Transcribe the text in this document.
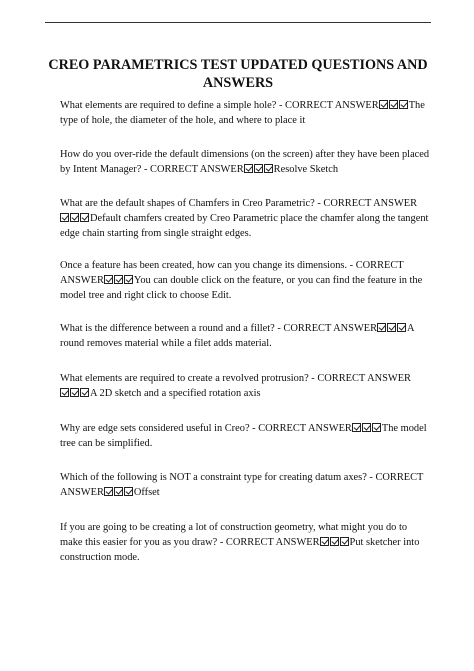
CREO PARAMETRICS TEST UPDATED QUESTIONS AND ANSWERS

What elements are required to define a simple hole? - CORRECT ANSWER	The type of hole, the diameter of the hole, and where to place it

How do you over-ride the default dimensions (on the screen) after they have been placed by Intent Manager? - CORRECT ANSWER	Resolve Sketch

What are the default shapes of Chamfers in Creo Parametric? - CORRECT ANSWERDefault chamfers created by Creo Parametric place the chamfer along the tangent edge chain starting from single straight edges.

Once a feature has been created, how can you change its dimensions. - CORRECT ANSWER	You can double click on the feature, or you can find the feature in the model tree and right click to choose Edit.

What is the difference between a round and a fillet? - CORRECT ANSWER	A round removes material while a filet adds material.

What elements are required to create a revolved protrusion? - CORRECT ANSWERA 2D sketch and a specified rotation axis

Why are edge sets considered useful in Creo? - CORRECT ANSWER	The model tree can be simplified.

Which of the following is NOT a constraint type for creating datum axes? - CORRECT ANSWER	Offset

If you are going to be creating a lot of construction geometry, what might you do to make this easier for you as you draw? - CORRECT ANSWER	Put sketcher into construction mode.
